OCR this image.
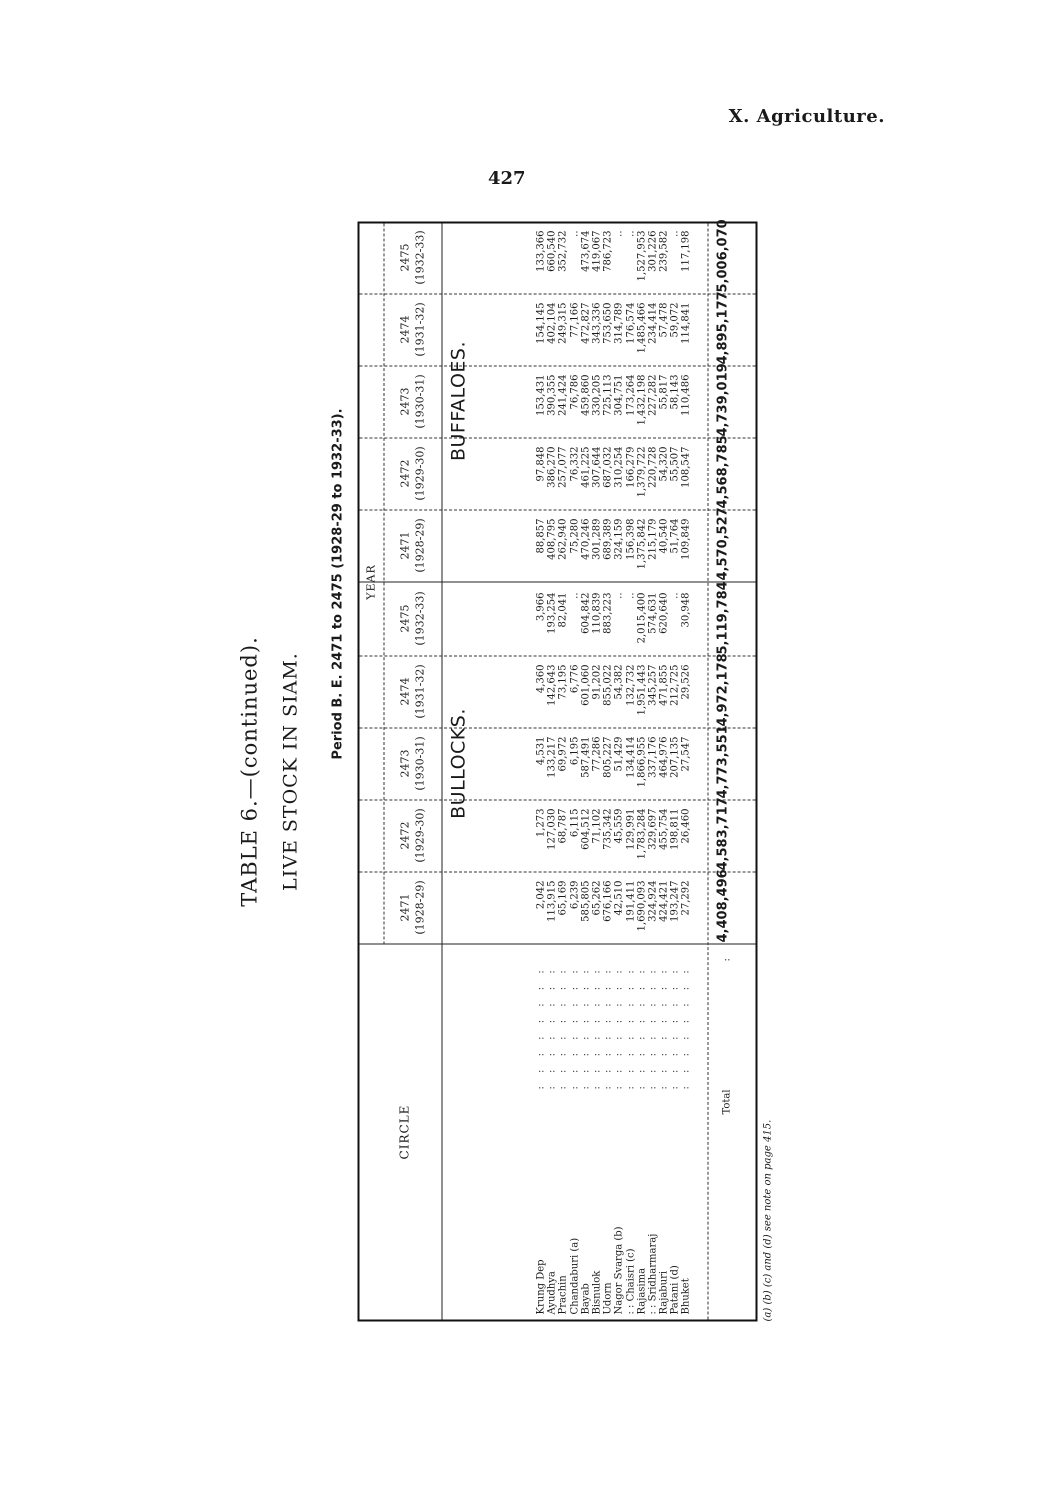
X. Agriculture.
427
TABLE 6.—(continued). LIVE STOCK IN SIAM.
Period B. E. 2471 to 2475 (1928-29 to 1932-33).
CIRCLE
YEAR
2471 (1928-29)
2472 (1929-30)
2473 (1930-31)
2474 (1931-32)
2475 (1932-33)
2471 (1928-29)
2472 (1929-30)
2473 (1930-31)
2474 (1931-32)
2475 (1932-33)
BULLOCKS.
BUFFALOES.
Krung Dep
: : : : : : : :
Ayudhya
: : : : : : : :
Prachin
: : : : : : : :
Chandaburi (a)
: : : : : : : :
Bayab
: : : : : : : :
Bisnulok
: : : : : : : :
Udorn
: : : : : : : :
Nagor Svarga (b)
: : : : : : : :
: : Chaisri (c)
: : : : : : : :
Rajasima
: : : : : : : :
: : Sridharmaraj
: : : : : : : :
Rajaburi
: : : : : : : :
Patani (d)
: : : : : : : :
Bhuket
: : : : : : : :
Total
:
2,042 113,915 65,169 6,239 585,805 65,262 676,166 42,510 191,411 1,690,093 324,924 424,421 193,247 27,292
1,273 127,030 68,787 6,115 604,512 71,102 735,342 45,559 129,991 1,783,284 329,697 455,754 198,811 26,460
4,531 133,217 69,972 6,195 587,491 77,286 805,227 51,429 134,414 1,866,955 337,176 464,976 207,135 27,547
4,360 142,643 73,195 6,776 601,060 91,202 855,022 54,382 132,732 1,951,443 345,257 471,855 212,725 29,526
3,966 193,254 82,041 .. 604,842 110,839 883,223 .. .. 2,015,400 574,631 620,640 .. 30,948
88,857 408,795 262,940 75,280 470,246 301,289 689,389 324,159 156,398 1,375,842 215,179 40,540 51,764 109,849
97,848 386,270 257,077 76,332 461,225 307,644 687,032 310,254 166,279 1,379,722 220,728 54,320 55,507 108,547
153,431 390,355 241,424 76,786 459,860 330,205 725,113 304,751 173,264 1,432,198 227,282 55,817 58,143 110,486
154,145 402,104 249,315 77,166 472,827 343,336 753,650 314,789 176,574 1,485,466 234,414 57,478 59,072 114,841
133,366 660,540 352,732 .. 473,674 419,067 786,723 .. .. 1,527,953 301,226 239,582 .. 117,198
4,408,496
4,583,717
4,773,551
4,972,178
5,119,784
4,570,527
4,568,785
4,739,019
4,895,177
5,006,070
(a) (b) (c) and (d) see note on page 415.
